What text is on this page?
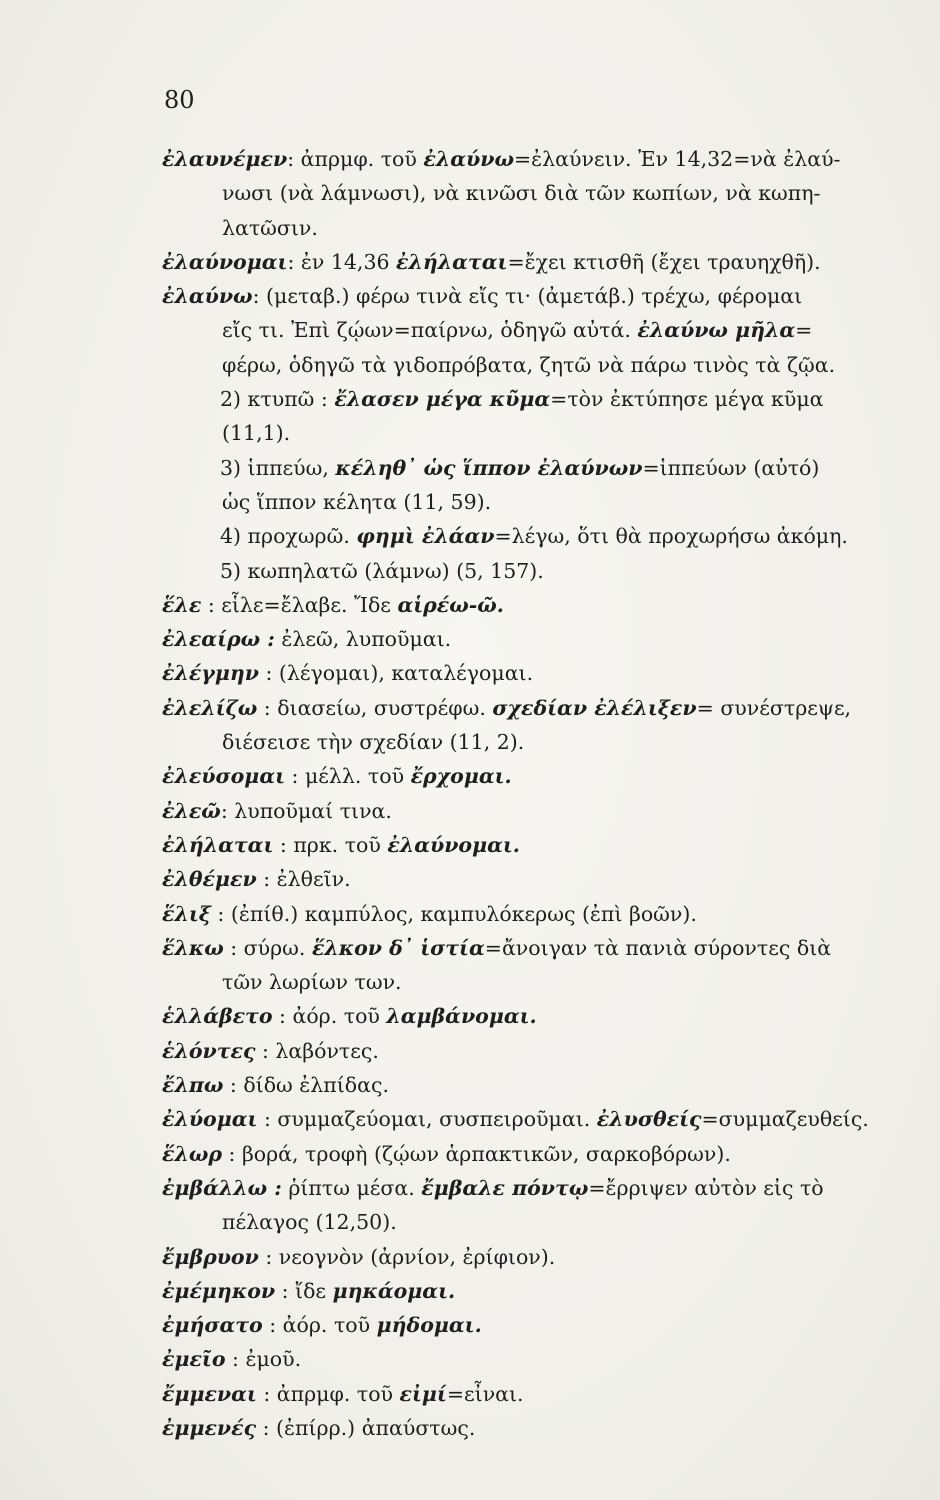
80
ἐλαυνέμεν: ἀπρμφ. τοῦ ἐλαύνω=ἐλαύνειν. Ἐν 14,32=νὰ ἐλαύ-
νωσι (νὰ λάμνωσι), νὰ κινῶσι διὰ τῶν κωπίων, νὰ κωπη-
λατῶσιν.
ἐλαύνομαι: ἐν 14,36 ἐλήλαται=ἔχει κτισθῆ (ἔχει τραυηχθῆ).
ἐλαύνω: (μεταβ.) φέρω τινὰ εἴς τι· (ἀμετάβ.) τρέχω, φέρομαι
εἴς τι. Ἐπὶ ζῴων=παίρνω, ὁδηγῶ αὐτά. ἐλαύνω μῆλα=
φέρω, ὁδηγῶ τὰ γιδοπρόβατα, ζητῶ νὰ πάρω τινὸς τὰ ζῷα.
2) κτυπῶ : ἔλασεν μέγα κῦμα=τὸν ἐκτύπησε μέγα κῦμα
(11,1).
3) ἱππεύω, κέληθ᾽ ὡς ἵππον ἐλαύνων=ἱππεύων (αὐτό)
ὡς ἵππον κέλητα (11, 59).
4) προχωρῶ. φημὶ ἐλάαν=λέγω, ὅτι θὰ προχωρήσω ἀκόμη.
5) κωπηλατῶ (λάμνω) (5, 157).
ἕλε : εἷλε=ἔλαβε. Ἴδε αἱρέω-ῶ.
ἐλεαίρω : ἐλεῶ, λυποῦμαι.
ἐλέγμην : (λέγομαι), καταλέγομαι.
ἐλελίζω : διασείω, συστρέφω. σχεδίαν ἐλέλιξεν= συνέστρεψε,
διέσεισε τὴν σχεδίαν (11, 2).
ἐλεύσομαι : μέλλ. τοῦ ἔρχομαι.
ἐλεῶ: λυποῦμαί τινα.
ἐλήλαται : πρκ. τοῦ ἐλαύνομαι.
ἐλθέμεν : ἐλθεῖν.
ἕλιξ : (ἐπίθ.) καμπύλος, καμπυλόκερως (ἐπὶ βοῶν).
ἕλκω : σύρω. ἕλκον δ᾽ ἱστία=ἄνοιγαν τὰ πανιὰ σύροντες διὰ
τῶν λωρίων των.
ἑλλάβετο : ἀόρ. τοῦ λαμβάνομαι.
ἑλόντες : λαβόντες.
ἔλπω : δίδω ἐλπίδας.
ἐλύομαι : συμμαζεύομαι, συσπειροῦμαι. ἐλυσθείς=συμμαζευθείς.
ἕλωρ : βορά, τροφὴ (ζῴων ἁρπακτικῶν, σαρκοβόρων).
ἐμβάλλω : ῥίπτω μέσα. ἔμβαλε πόντῳ=ἔρριψεν αὐτὸν εἰς τὸ
πέλαγος (12,50).
ἔμβρυον : νεογνὸν (ἀρνίον, ἐρίφιον).
ἐμέμηκον : ἴδε μηκάομαι.
ἐμήσατο : ἀόρ. τοῦ μήδομαι.
ἐμεῖο : ἐμοῦ.
ἔμμεναι : ἀπρμφ. τοῦ εἰμί=εἶναι.
ἐμμενές : (ἐπίρρ.) ἀπαύστως.
